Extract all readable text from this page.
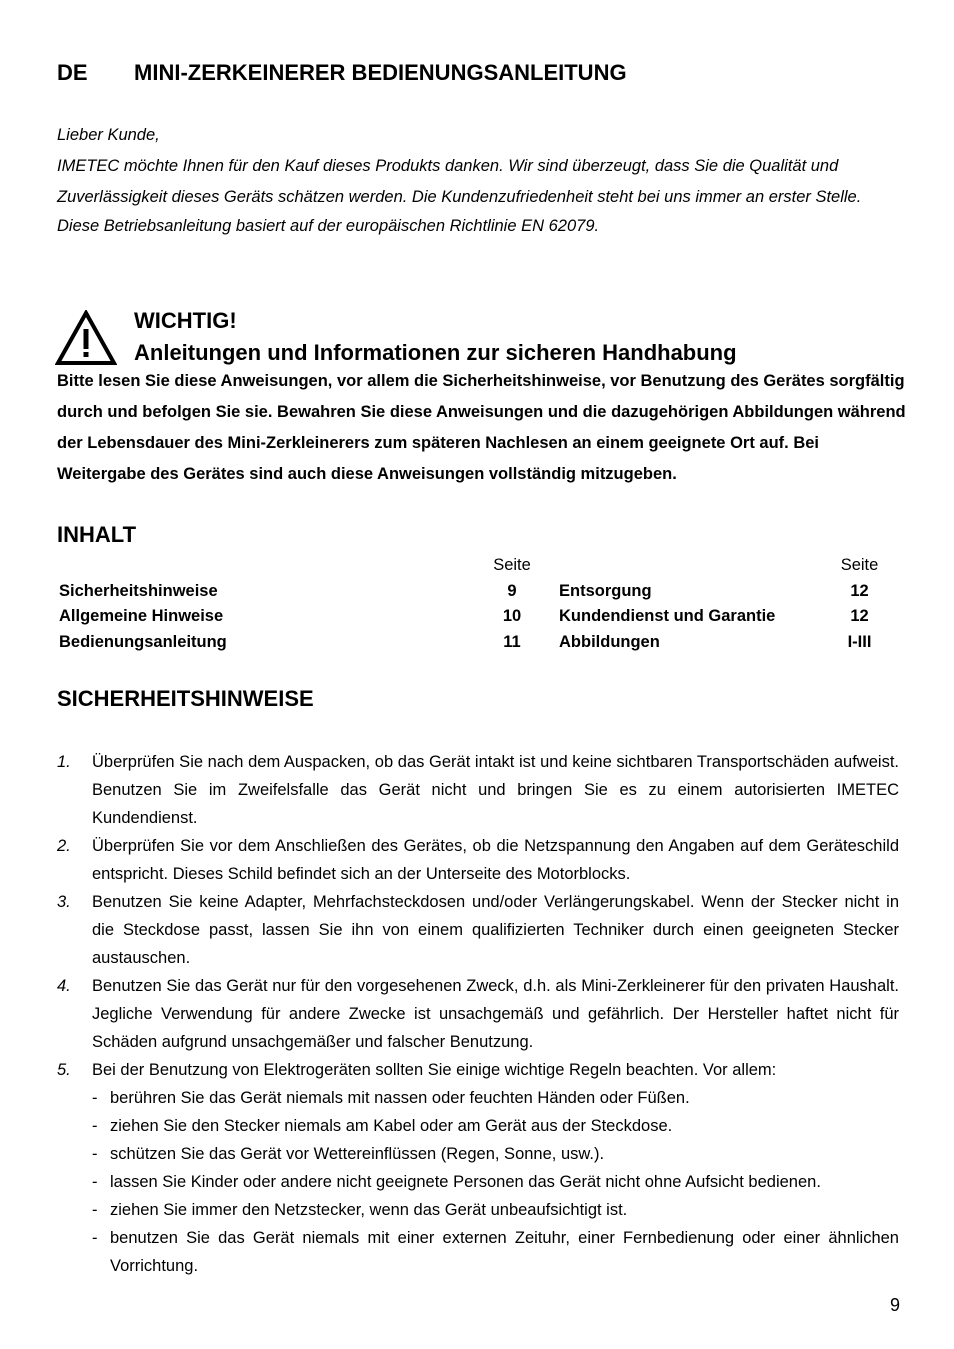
DE MINI-ZERKEINERER BEDIENUNGSANLEITUNG

Lieber Kunde,

IMETEC möchte Ihnen für den Kauf dieses Produkts danken. Wir sind überzeugt, dass Sie die Qualität und Zuverlässigkeit dieses Geräts schätzen werden. Die Kundenzufriedenheit steht bei uns immer an erster Stelle.

Diese Betriebsanleitung basiert auf der europäischen Richtlinie EN 62079.

WICHTIG!
Anleitungen und Informationen zur sicheren Handhabung
Bitte lesen Sie diese Anweisungen, vor allem die Sicherheitshinweise, vor Benutzung des Gerätes sorgfältig durch und befolgen Sie sie. Bewahren Sie diese Anweisungen und die dazugehörigen Abbildungen während der Lebensdauer des Mini-Zerkleinerers zum späteren Nachlesen an einem geeignete Ort auf. Bei Weitergabe des Gerätes sind auch diese Anweisungen vollständig mitzugeben.
INHALT
	Seite		Seite
Sicherheitshinweise	9	Entsorgung	12
Allgemeine Hinweise	10	Kundendienst und Garantie	12
Bedienungsanleitung	11	Abbildungen	I-III
SICHERHEITSHINWEISE
1.	Überprüfen Sie nach dem Auspacken, ob das Gerät intakt ist und keine sichtbaren Transportschäden aufweist. Benutzen Sie im Zweifelsfalle das Gerät nicht und bringen Sie es zu einem autorisierten IMETEC Kundendienst.
2.	Überprüfen Sie vor dem Anschließen des Gerätes, ob die Netzspannung den Angaben auf dem Geräteschild entspricht. Dieses Schild befindet sich an der Unterseite des Motorblocks.
3.	Benutzen Sie keine Adapter, Mehrfachsteckdosen und/oder Verlängerungskabel. Wenn der Stecker nicht in die Steckdose passt, lassen Sie ihn von einem qualifizierten Techniker durch einen geeigneten Stecker austauschen.
4.	Benutzen Sie das Gerät nur für den vorgesehenen Zweck, d.h. als Mini-Zerkleinerer für den privaten Haushalt. Jegliche Verwendung für andere Zwecke ist unsachgemäß und gefährlich. Der Hersteller haftet nicht für Schäden aufgrund unsachgemäßer und falscher Benutzung.
5.	Bei der Benutzung von Elektrogeräten sollten Sie einige wichtige Regeln beachten. Vor allem:
- berühren Sie das Gerät niemals mit nassen oder feuchten Händen oder Füßen.
- ziehen Sie den Stecker niemals am Kabel oder am Gerät aus der Steckdose.
- schützen Sie das Gerät vor Wettereinflüssen (Regen, Sonne, usw.).
- lassen Sie Kinder oder andere nicht geeignete Personen das Gerät nicht ohne Aufsicht bedienen.
- ziehen Sie immer den Netzstecker, wenn das Gerät unbeaufsichtigt ist.
- benutzen Sie das Gerät niemals mit einer externen Zeituhr, einer Fernbedienung oder einer ähnlichen Vorrichtung.
9
